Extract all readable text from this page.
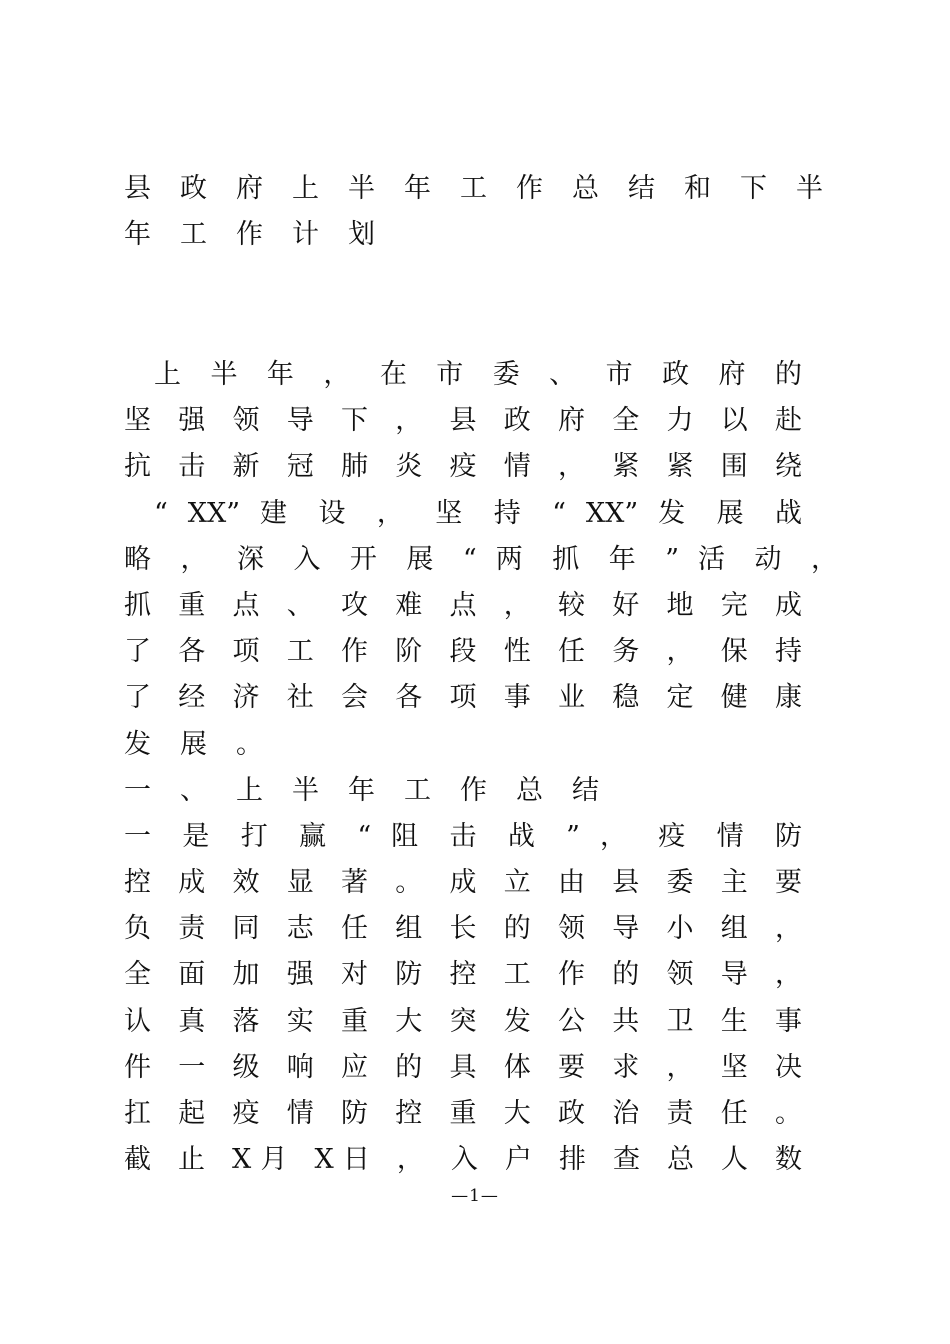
县政府上半年工作总结和下半
年工作计划
上 半 年 ， 在 市 委 、 市 政 府 的
坚 强 领 导 下 ， 县 政 府 全 力 以 赴
抗 击 新 冠 肺 炎 疫 情 ， 紧 紧 围 绕
“ XX” 建 设 ， 坚 持 “ XX” 发 展 战
略 ， 深 入 开 展 “ 两 抓 年 ” 活 动 ，
抓 重 点 、 攻 难 点 ， 较 好 地 完 成
了 各 项 工 作 阶 段 性 任 务 ， 保 持
了 经 济 社 会 各 项 事 业 稳 定 健 康
发展。
一、上半年工作总结
一 是 打 赢 “ 阻 击 战 ” ， 疫 情 防
控 成 效 显 著 。 成 立 由 县 委 主 要
负 责 同 志 任 组 长 的 领 导 小 组 ，
全 面 加 强 对 防 控 工 作 的 领 导 ，
认 真 落 实 重 大 突 发 公 共 卫 生 事
件 一 级 响 应 的 具 体 要 求 ， 坚 决
扛 起 疫 情 防 控 重 大 政 治 责 任 。
截 止 X月 X日 ， 入 户 排 查 总 人 数
—1—
